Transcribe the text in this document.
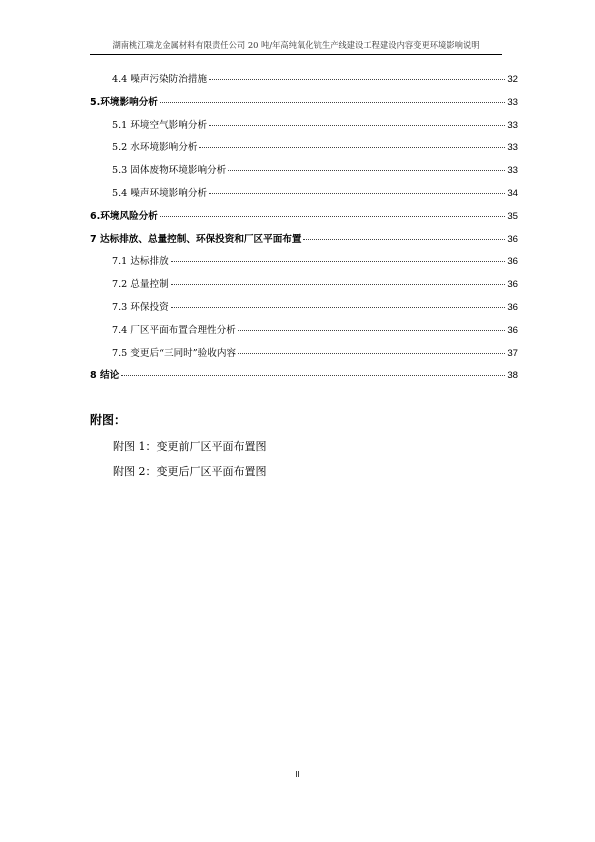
湖南桃江瑞龙金属材料有限责任公司 20 吨/年高纯氧化钪生产线建设工程建设内容变更环境影响说明
4.4 噪声污染防治措施	32
5.环境影响分析	33
5.1 环境空气影响分析	33
5.2 水环境影响分析	33
5.3 固体废物环境影响分析	33
5.4 噪声环境影响分析	34
6.环境风险分析	35
7 达标排放、总量控制、环保投资和厂区平面布置	36
7.1 达标排放	36
7.2 总量控制	36
7.3 环保投资	36
7.4 厂区平面布置合理性分析	36
7.5 变更后“三同时”验收内容	37
8 结论	38
附图：
附图 1：变更前厂区平面布置图
附图 2：变更后厂区平面布置图
II
